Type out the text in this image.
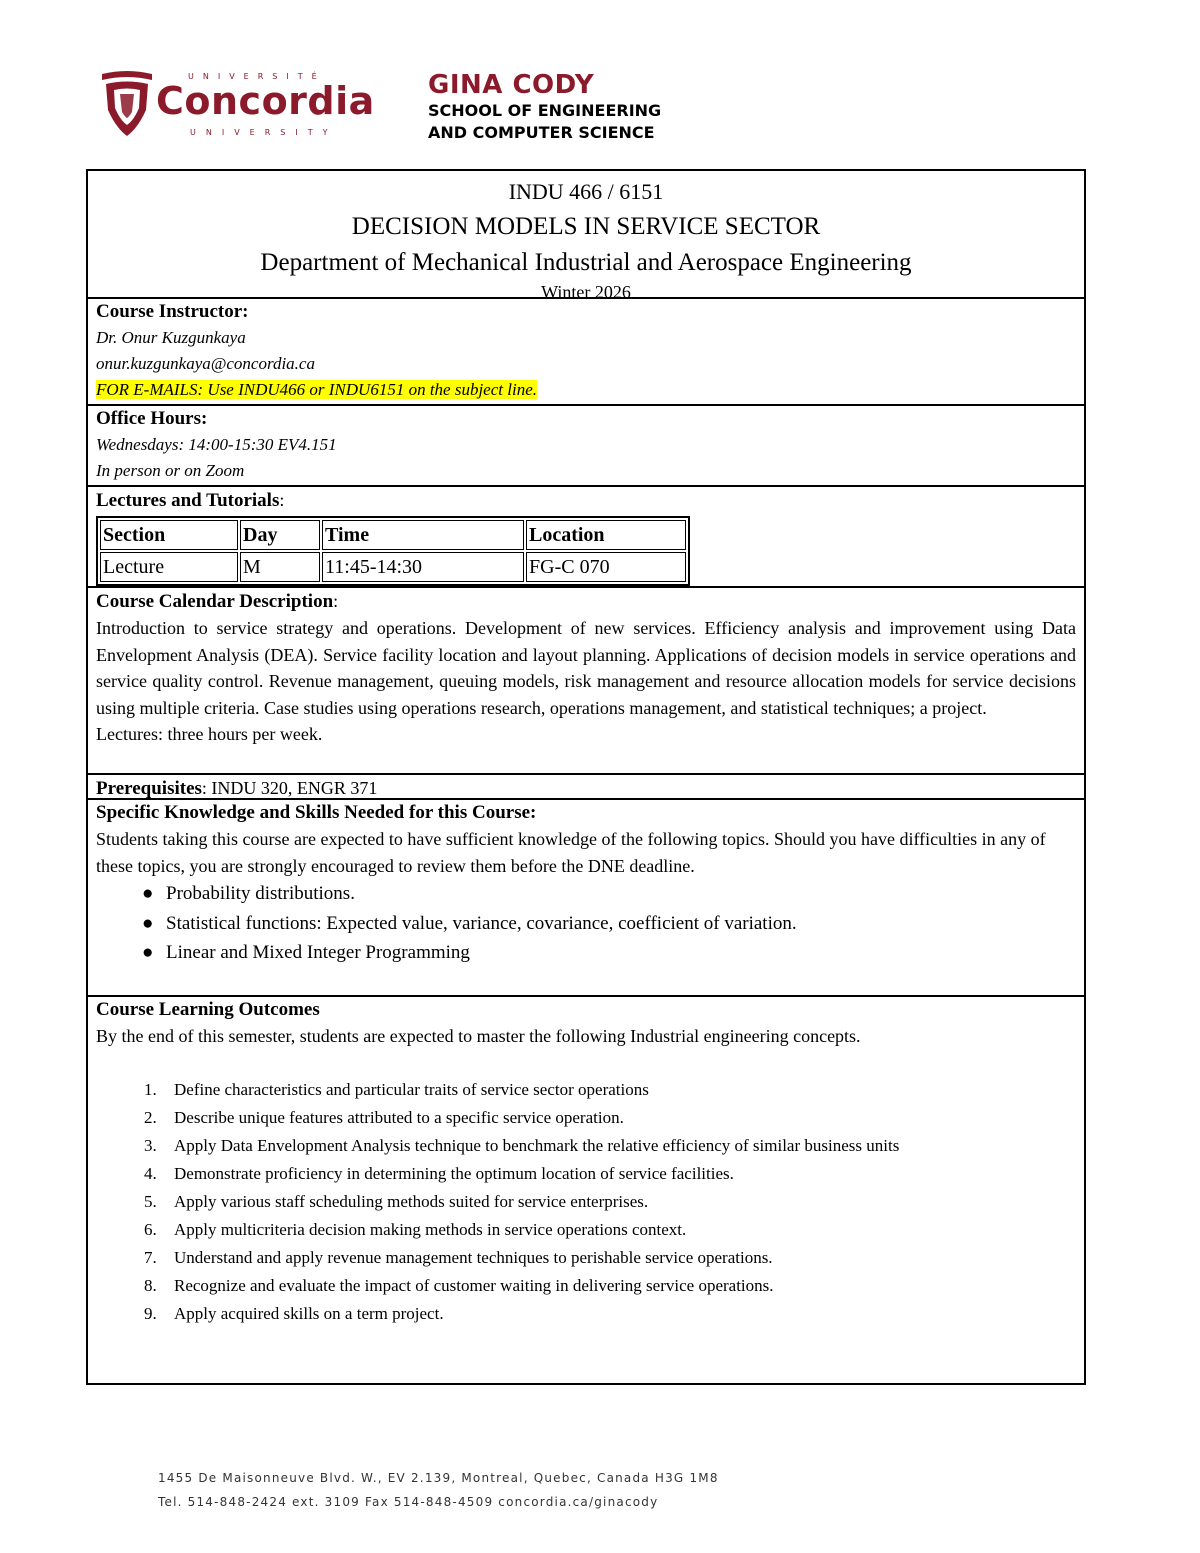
UNIVERSITÉ
Concordia
UNIVERSITY
GINA CODY
SCHOOL OF ENGINEERING
AND COMPUTER SCIENCE
INDU 466 / 6151
DECISION MODELS IN SERVICE SECTOR
Department of Mechanical Industrial and Aerospace Engineering
Winter 2026
Course Instructor:
Dr. Onur Kuzgunkaya
onur.kuzgunkaya@concordia.ca
FOR E-MAILS: Use INDU466 or INDU6151 on the subject line.
Office Hours:
Wednesdays: 14:00-15:30 EV4.151
In person or on Zoom
Lectures and Tutorials:
Section	Day	Time	Location
Lecture	M	11:45-14:30	FG-C 070
Course Calendar Description:
Introduction to service strategy and operations. Development of new services. Efficiency analysis and improvement using Data Envelopment Analysis (DEA). Service facility location and layout planning. Applications of decision models in service operations and service quality control. Revenue management, queuing models, risk management and resource allocation models for service decisions using multiple criteria. Case studies using operations research, operations management, and statistical techniques; a project.
Lectures: three hours per week.
Prerequisites: INDU 320, ENGR 371
Specific Knowledge and Skills Needed for this Course:
Students taking this course are expected to have sufficient knowledge of the following topics. Should you have difficulties in any of these topics, you are strongly encouraged to review them before the DNE deadline.
● Probability distributions.
● Statistical functions: Expected value, variance, covariance, coefficient of variation.
● Linear and Mixed Integer Programming
Course Learning Outcomes
By the end of this semester, students are expected to master the following Industrial engineering concepts.
1. Define characteristics and particular traits of service sector operations
2. Describe unique features attributed to a specific service operation.
3. Apply Data Envelopment Analysis technique to benchmark the relative efficiency of similar business units
4. Demonstrate proficiency in determining the optimum location of service facilities.
5. Apply various staff scheduling methods suited for service enterprises.
6. Apply multicriteria decision making methods in service operations context.
7. Understand and apply revenue management techniques to perishable service operations.
8. Recognize and evaluate the impact of customer waiting in delivering service operations.
9. Apply acquired skills on a term project.
1455 De Maisonneuve Blvd. W., EV 2.139, Montreal, Quebec, Canada H3G 1M8
Tel. 514-848-2424 ext. 3109 Fax 514-848-4509 concordia.ca/ginacody
